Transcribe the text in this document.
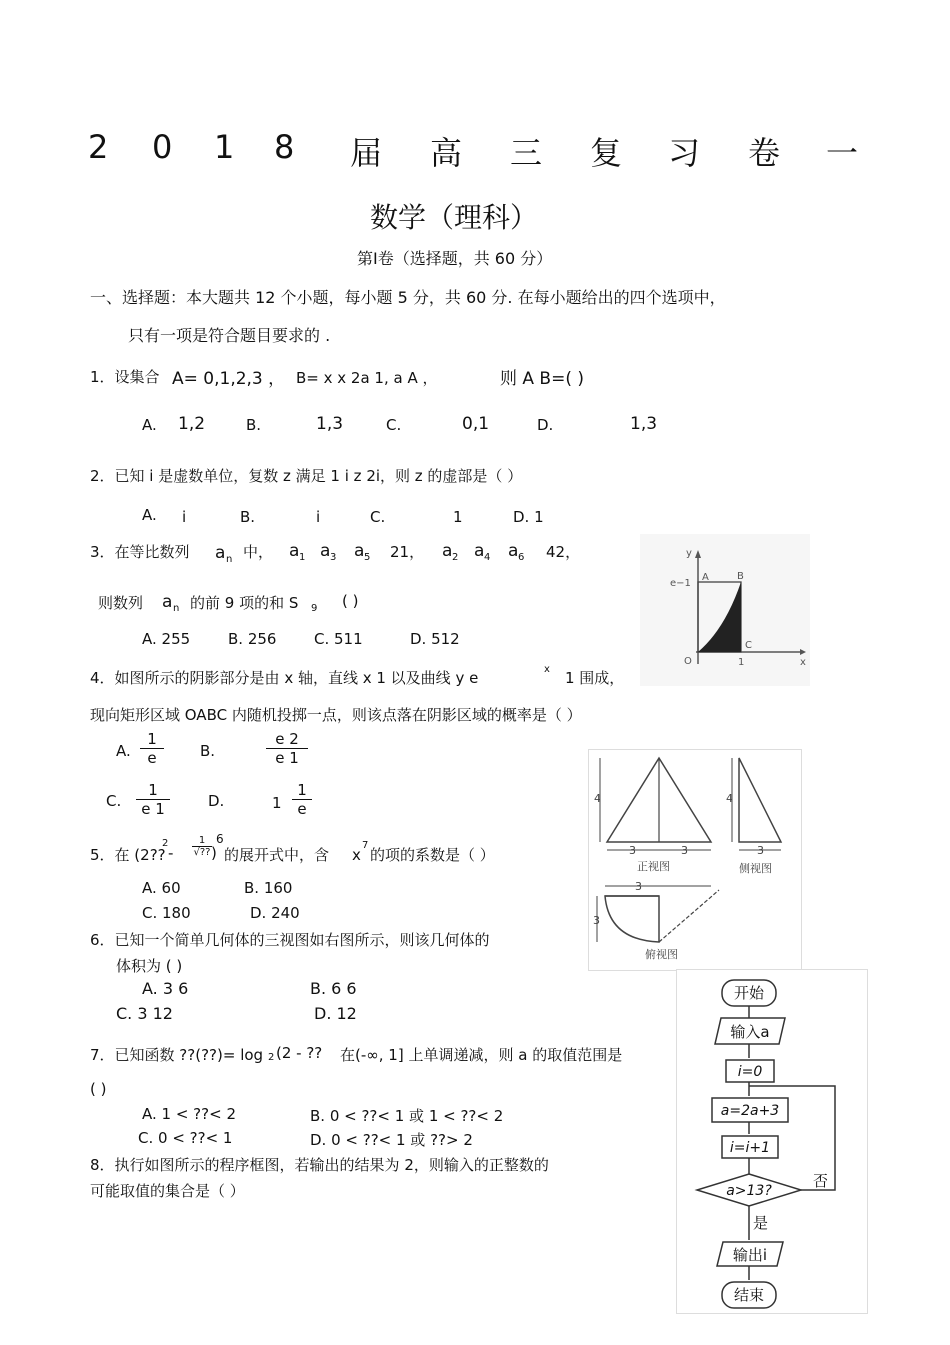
2 0 1 8 届 高 三 复 习 卷 一
数学（理科）
第Ⅰ卷（选择题，共 60 分）
一、选择题：本大题共 12 个小题，每小题 5 分，共 60 分. 在每小题给出的四个选项中，
只有一项是符合题目要求的 .
1．设集合 A= 0,1,2,3 ， B= x x 2a 1, a A ，	则 A B=( )
A. 1,2	B.	1,3	C.	0,1	D.	1,3
2．已知 i 是虚数单位，复数 z 满足 1 i z 2i，则 z 的虚部是（ ）
A. i	B.	i	C.	1	D. 1
3．在等比数列 a n 中， a 1 a 3 a 5 21， a 2 a 4 a 6 42，
则数列 a n 的前 9 项的和 S 9 ( )
A. 255	B. 256	C. 511	D. 512
4．如图所示的阴影部分是由 x 轴，直线 x 1 以及曲线 y e	x 1 围成，
现向矩形区域 OABC 内随机投掷一点，则该点落在阴影区域的概率是（ ）
A.
1
e	B.
e 2
e 1
C.
1
e 1	D.	1
1
e
5．在 (2??
2
-
1
√?? )
6
的展开式中，含 x
7
的项的系数是（ ）
A. 60	B. 160
C. 180	D. 240
6．已知一个简单几何体的三视图如右图所示，则该几何体的
体积为 ( )
A. 3 6	B. 6 6
C. 3 12	D. 12
7．已知函数 ??(??)= log 2 (2 - ?? 在(-∞, 1] 上单调递减，则 a 的取值范围是
( )
A. 1 < ??< 2	B. 0 < ??< 1 或 1 < ??< 2
C. 0 < ??< 1	D. 0 < ??< 1 或 ??> 2
8．执行如图所示的程序框图，若输出的结果为 2，则输入的正整数的
可能取值的集合是（ ）
y
e−1
A	B
O	1
C
x
4
3	3
正视图
4
3
侧视图
3
3
俯视图
开始
输入a
i=0
a=2a+3
i=i+1
a>13?
否
是
输出i
结束
